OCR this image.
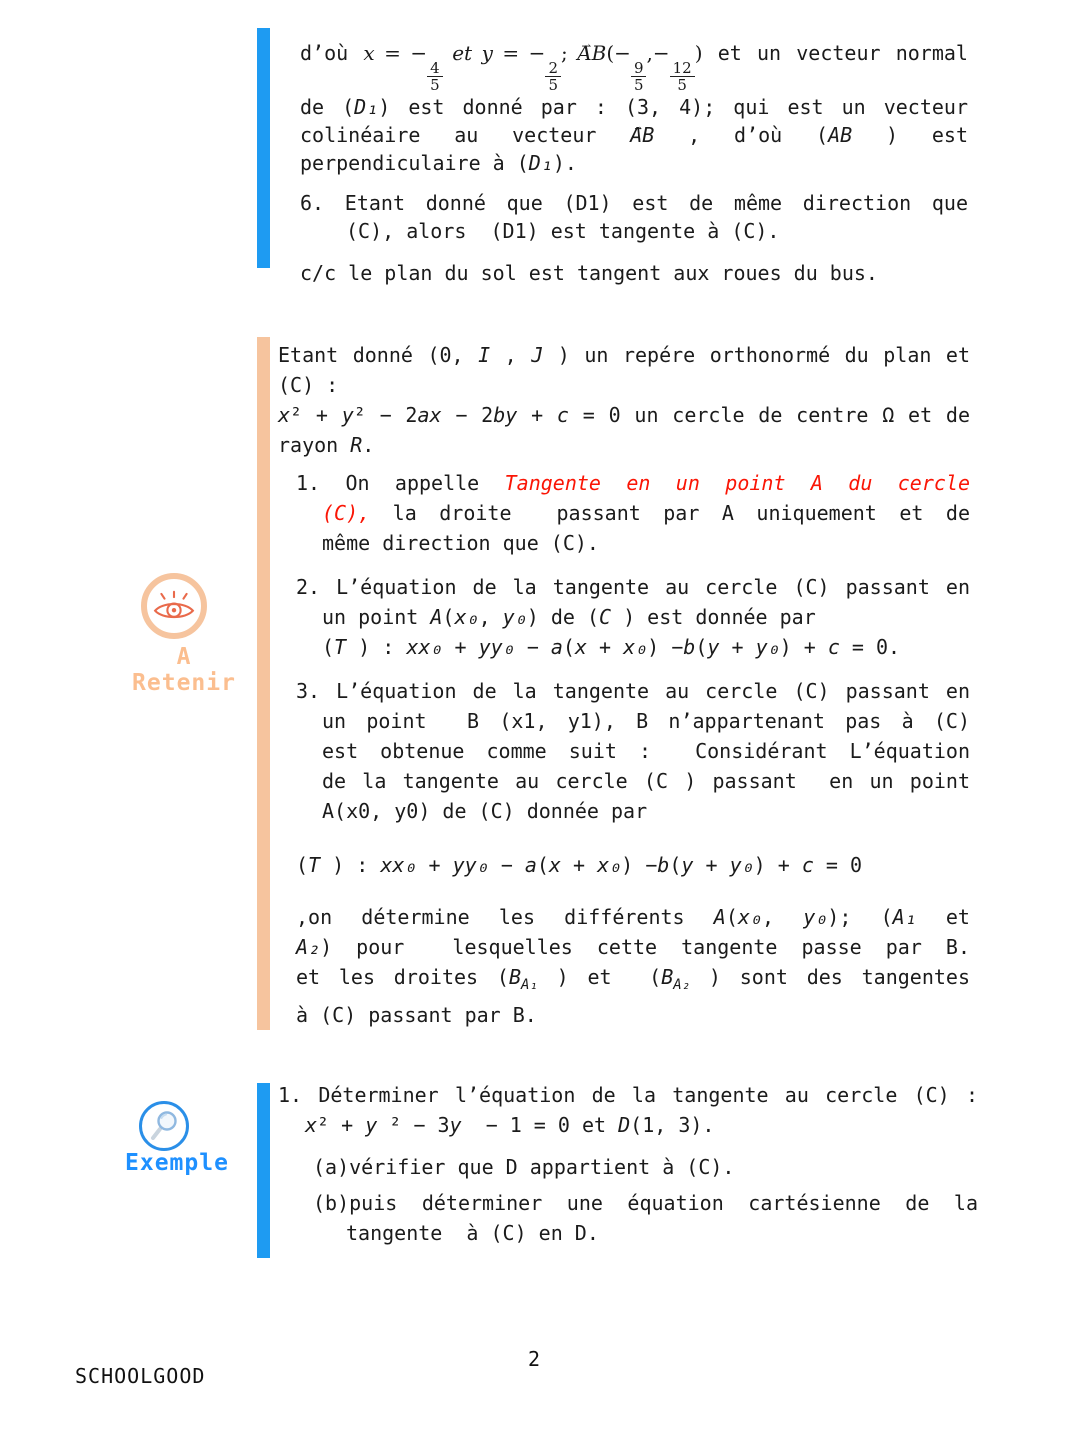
d’où x = −
$\frac{4}{5}$
et y = −
$\frac{2}{5}$
; AB ⇀(−
$\frac{9}{5}$
,−
$\frac{12}{5}$
) et un vecteur normal
de (D₁) est donné par : (3, 4); qui est un vecteur
colinéaire au vecteur AB ⇀ , d’où (AB ) est
perpendiculaire à (D₁).
6. Etant donné que (D1) est de même direction que
(C), alors  (D1) est tangente à (C).
c/c le plan du sol est tangent aux roues du bus.
A Retenir
Etant donné (0, I , J ) un repére orthonormé du plan et
(C) :
x² + y² − 2ax − 2by + c = 0 un cercle de centre Ω et de
rayon R.
1. On appelle Tangente en un point A du cercle
(C), la droite  passant par A uniquement et de
même direction que (C).
2. L’équation de la tangente au cercle (C) passant en
un point A(x₀, y₀) de (C ) est donnée par
(T ) : xx₀ + yy₀ − a(x + x₀) −b(y + y₀) + c = 0.
3. L’équation de la tangente au cercle (C) passant en
un point  B (x1, y1), B n’appartenant pas à (C)
est obtenue comme suit :  Considérant L’équation
de la tangente au cercle (C ) passant  en un point
A(x0, y0) de (C) donnée par
(T ) : xx₀ + yy₀ − a(x + x₀) −b(y + y₀) + c = 0
,on détermine les différents A(x₀, y₀); (A₁ et
A₂) pour  lesquelles cette tangente passe par B.
et les droites ($B_{A_1}$ ) et  ($B_{A_2}$ ) sont des tangentes
à (C) passant par B.
Exemple
1. Déterminer l’équation de la tangente au cercle (C) :
x² + y ² − 3y  − 1 = 0 et D(1, 3).
(a)vérifier que D appartient à (C).
(b)puis déterminer une équation cartésienne de la
tangente  à (C) en D.
SCHOOLGOOD
2
